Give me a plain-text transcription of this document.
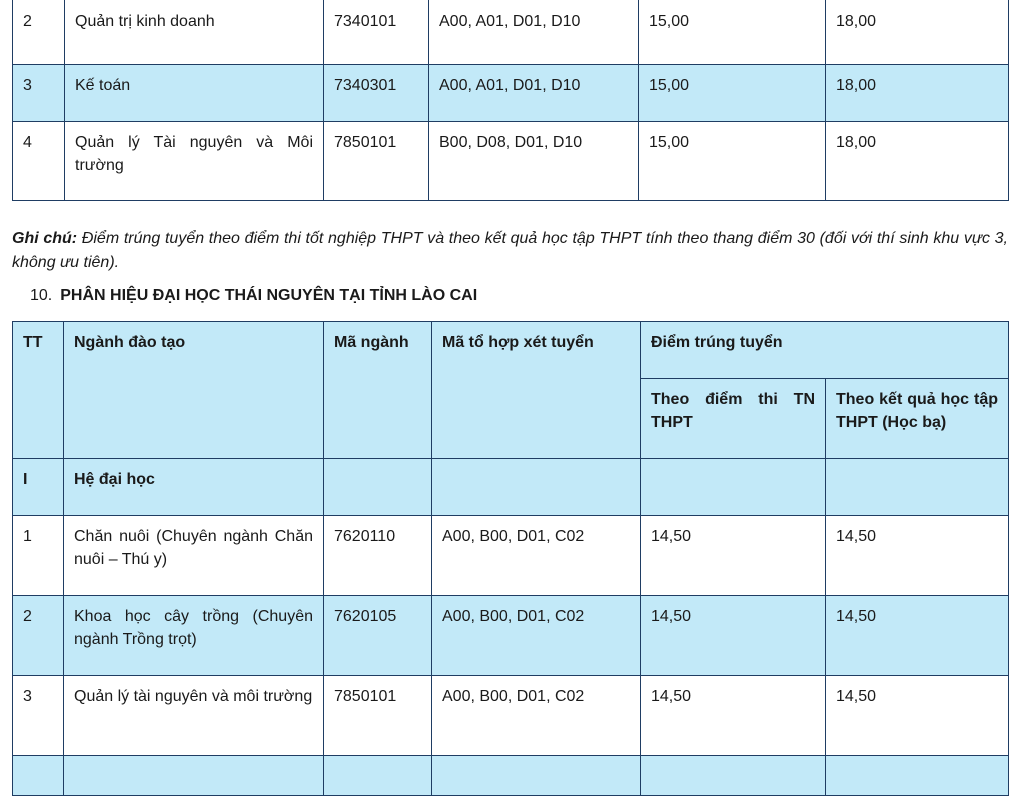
2	Quản trị kinh doanh	7340101	A00, A01, D01, D10	15,00	18,00
3	Kế toán	7340301	A00, A01, D01, D10	15,00	18,00
4	Quản lý Tài nguyên và Môi trường	7850101	B00, D08, D01, D10	15,00	18,00

Ghi chú: Điểm trúng tuyển theo điểm thi tốt nghiệp THPT và theo kết quả học tập THPT tính theo thang điểm 30 (đối với thí sinh khu vực 3, không ưu tiên).

10. PHÂN HIỆU ĐẠI HỌC THÁI NGUYÊN TẠI TỈNH LÀO CAI
TT	Ngành đào tạo	Mã ngành	Mã tổ hợp xét tuyển	Điểm trúng tuyển	
				Theo điểm thi TN THPT	Theo kết quả học tập THPT (Học bạ)
I	Hệ đại học				
1	Chăn nuôi (Chuyên ngành Chăn nuôi – Thú y)	7620110	A00, B00, D01, C02	14,50	14,50
2	Khoa học cây trồng (Chuyên ngành Trồng trọt)	7620105	A00, B00, D01, C02	14,50	14,50
3	Quản lý tài nguyên và môi trường	7850101	A00, B00, D01, C02	14,50	14,50
